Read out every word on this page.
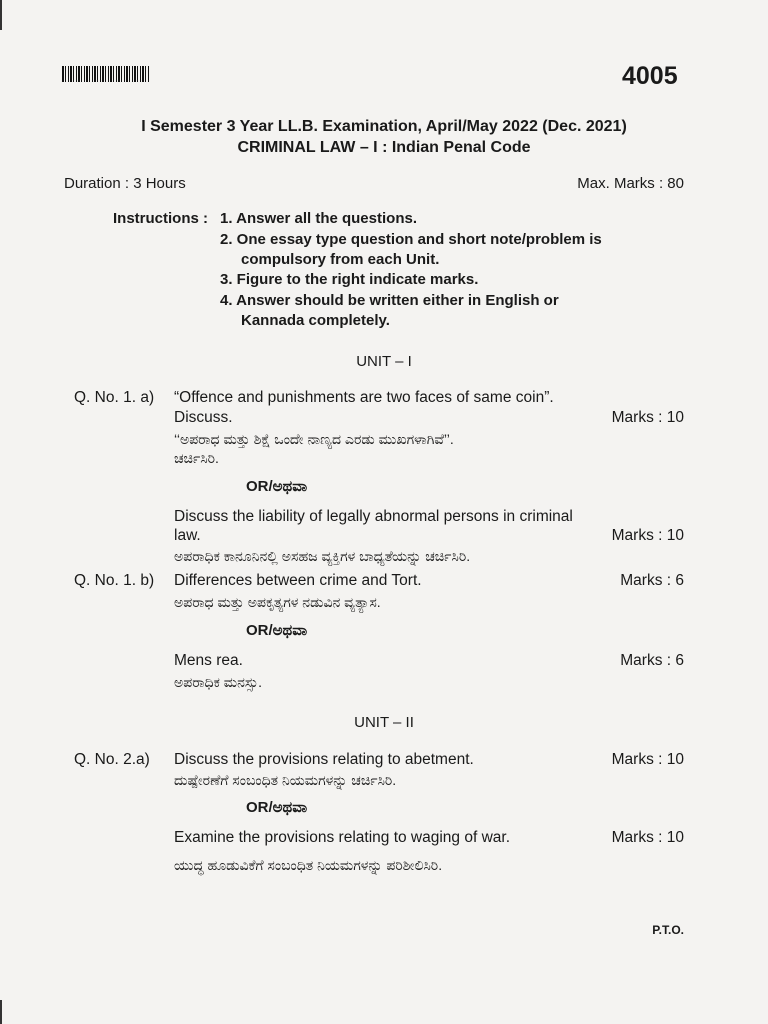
4005
I Semester 3 Year LL.B. Examination, April/May 2022 (Dec. 2021)
CRIMINAL LAW – I : Indian Penal Code
Duration : 3 Hours	Max. Marks : 80
Instructions : 1. Answer all the questions.
2. One essay type question and short note/problem is
compulsory from each Unit.
3. Figure to the right indicate marks.
4. Answer should be written either in English or
Kannada completely.
UNIT – I
Q. No. 1. a) “Offence and punishments are two faces of same coin”.
Discuss.	Marks : 10
‘‘ಅಪರಾಧ ಮತ್ತು ಶಿಕ್ಷೆ ಒಂದೇ ನಾಣ್ಯದ ಎರಡು ಮುಖಗಳಾಗಿವೆ’’.
ಚರ್ಚಿಸಿರಿ.
OR/ಅಥವಾ
Discuss the liability of legally abnormal persons in criminal
law.	Marks : 10
ಅಪರಾಧಿಕ ಕಾನೂನಿನಲ್ಲಿ ಅಸಹಜ ವ್ಯಕ್ತಿಗಳ ಬಾಧ್ಯತೆಯನ್ನು ಚರ್ಚಿಸಿರಿ.
Q. No. 1. b) Differences between crime and Tort.	Marks : 6
ಅಪರಾಧ ಮತ್ತು ಅಪಕೃತ್ಯಗಳ ನಡುವಿನ ವ್ಯತ್ಯಾಸ.
OR/ಅಥವಾ
Mens rea.	Marks : 6
ಅಪರಾಧಿಕ ಮನಸ್ಸು.
UNIT – II
Q. No. 2.a) Discuss the provisions relating to abetment.	Marks : 10
ದುಷ್ಪೇರಣೆಗೆ ಸಂಬಂಧಿತ ನಿಯಮಗಳನ್ನು ಚರ್ಚಿಸಿರಿ.
OR/ಅಥವಾ
Examine the provisions relating to waging of war.	Marks : 10
ಯುದ್ಧ ಹೂಡುವಿಕೆಗೆ ಸಂಬಂಧಿತ ನಿಯಮಗಳನ್ನು ಪರಿಶೀಲಿಸಿರಿ.
P.T.O.
